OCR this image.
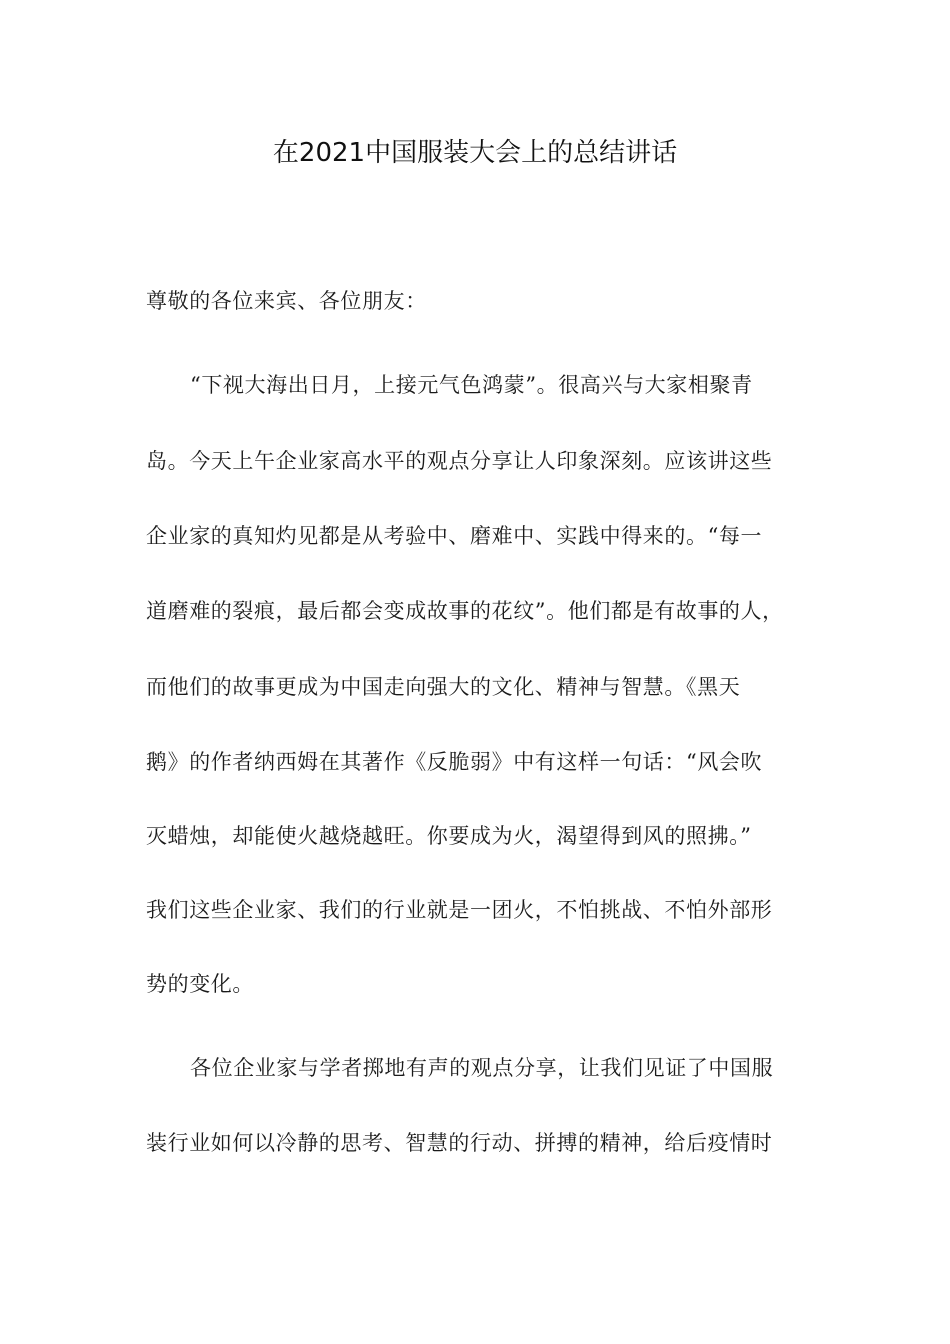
在2021中国服装大会上的总结讲话
尊敬的各位来宾、各位朋友：
“下视大海出日月，上接元气色鸿蒙”。很高兴与大家相聚青
岛。今天上午企业家高水平的观点分享让人印象深刻。应该讲这些
企业家的真知灼见都是从考验中、磨难中、实践中得来的。“每一
道磨难的裂痕，最后都会变成故事的花纹”。他们都是有故事的人，
而他们的故事更成为中国走向强大的文化、精神与智慧。《黑天
鹅》的作者纳西姆在其著作《反脆弱》中有这样一句话：“风会吹
灭蜡烛，却能使火越烧越旺。你要成为火，渴望得到风的照拂。”
我们这些企业家、我们的行业就是一团火，不怕挑战、不怕外部形
势的变化。
各位企业家与学者掷地有声的观点分享，让我们见证了中国服
装行业如何以冷静的思考、智慧的行动、拼搏的精神，给后疫情时
